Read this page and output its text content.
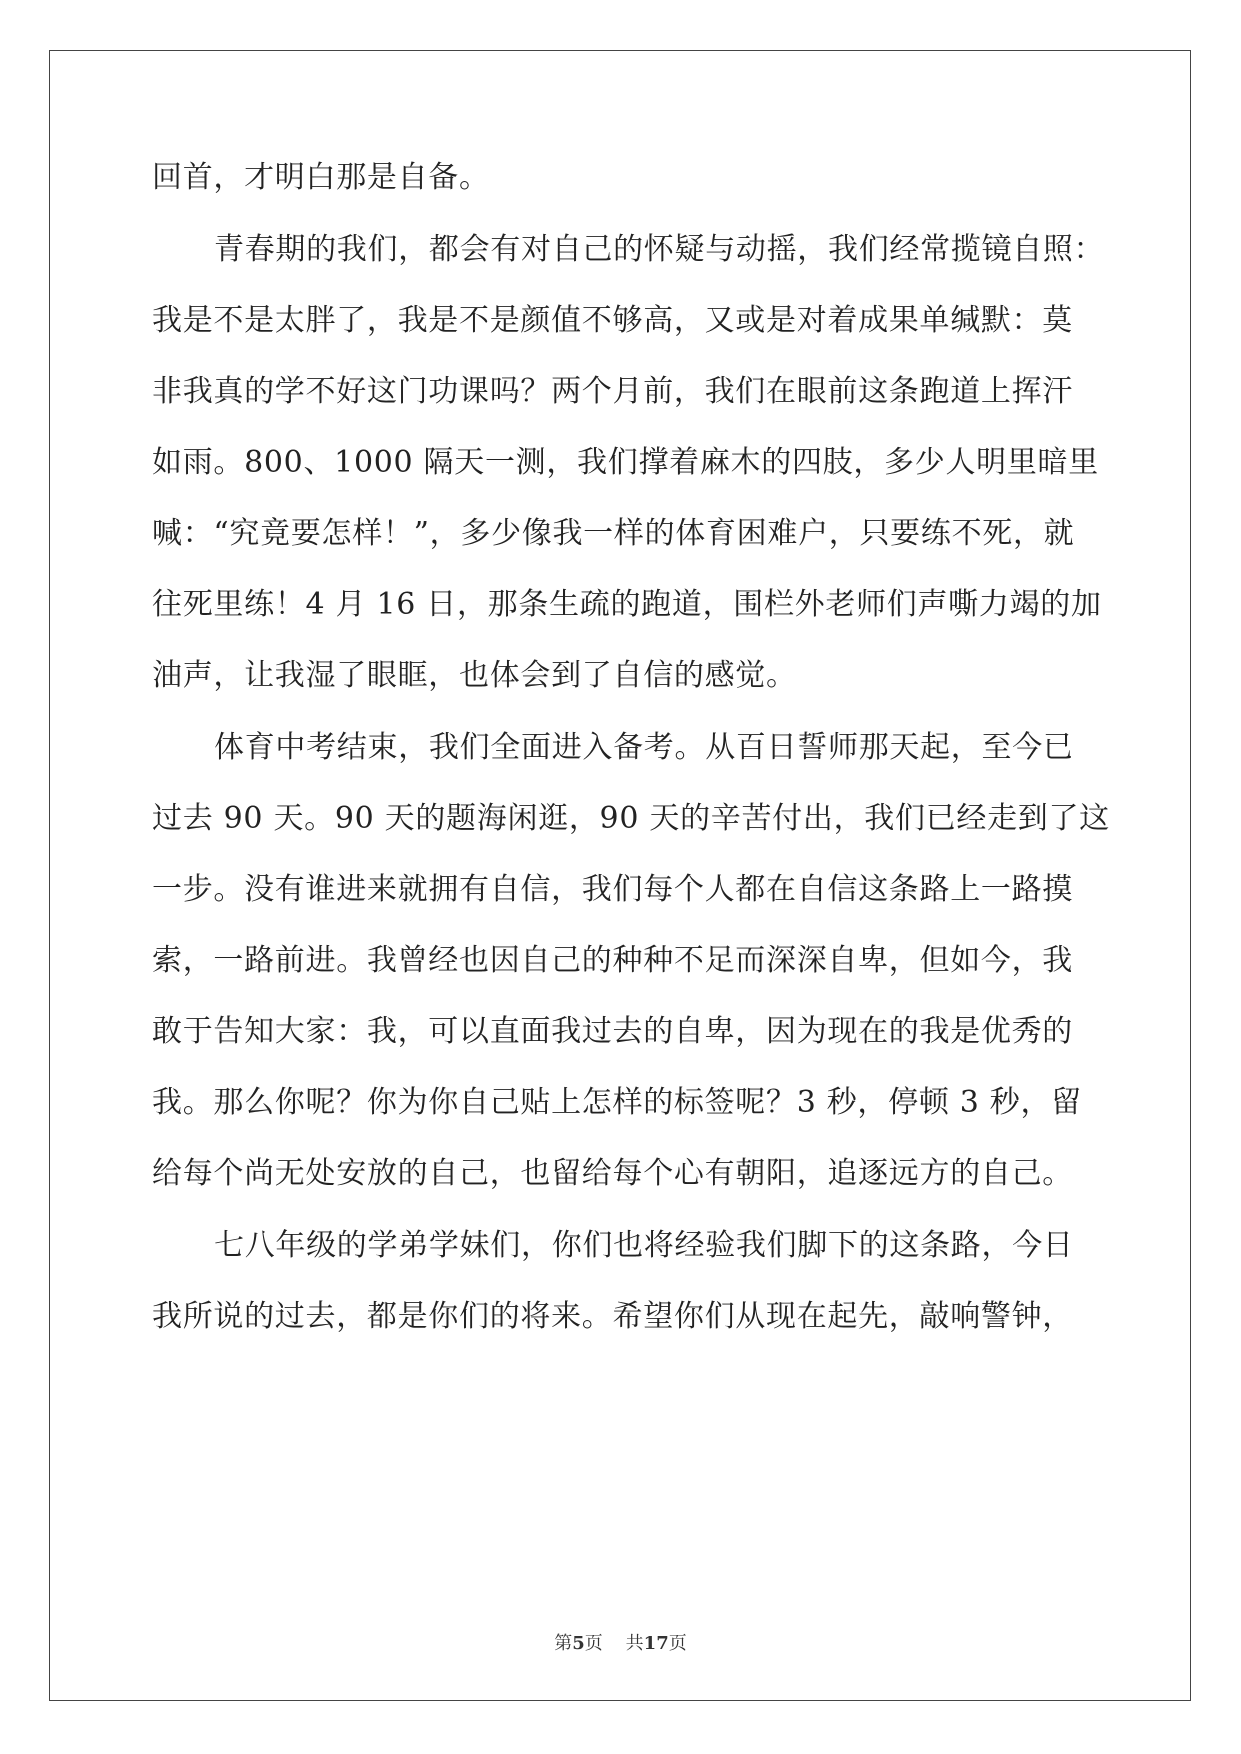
回首，才明白那是自备。
青春期的我们，都会有对自己的怀疑与动摇，我们经常揽镜自照：
我是不是太胖了，我是不是颜值不够高，又或是对着成果单缄默：莫
非我真的学不好这门功课吗？两个月前，我们在眼前这条跑道上挥汗
如雨。800、1000 隔天一测，我们撑着麻木的四肢，多少人明里暗里
喊：“究竟要怎样！”，多少像我一样的体育困难户，只要练不死，就
往死里练！4 月 16 日，那条生疏的跑道，围栏外老师们声嘶力竭的加
油声，让我湿了眼眶，也体会到了自信的感觉。
体育中考结束，我们全面进入备考。从百日誓师那天起，至今已
过去 90 天。90 天的题海闲逛，90 天的辛苦付出，我们已经走到了这
一步。没有谁进来就拥有自信，我们每个人都在自信这条路上一路摸
索，一路前进。我曾经也因自己的种种不足而深深自卑，但如今，我
敢于告知大家：我，可以直面我过去的自卑，因为现在的我是优秀的
我。那么你呢？你为你自己贴上怎样的标签呢？3 秒，停顿 3 秒，留
给每个尚无处安放的自己，也留给每个心有朝阳，追逐远方的自己。
七八年级的学弟学妹们，你们也将经验我们脚下的这条路，今日
我所说的过去，都是你们的将来。希望你们从现在起先，敲响警钟，
第5页 共17页
